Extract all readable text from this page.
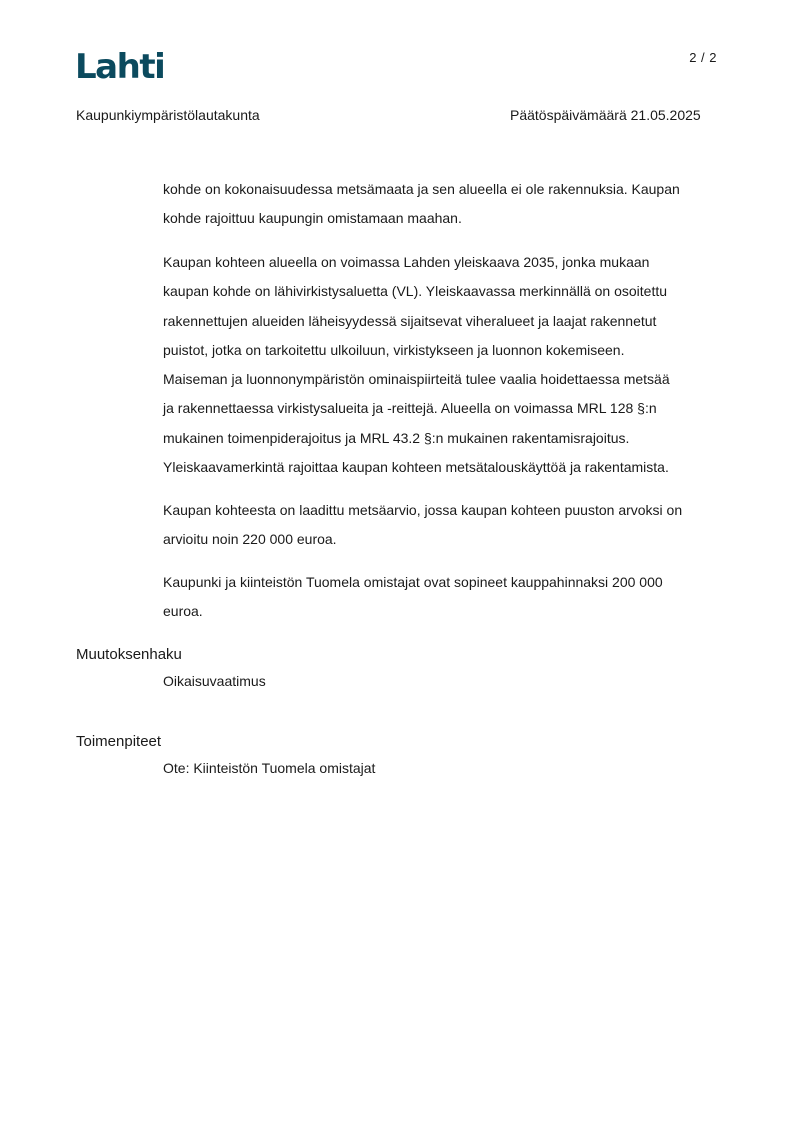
Lahti	2 / 2
Kaupunkiympäristölautakunta	Päätöspäivämäärä 21.05.2025
kohde on kokonaisuudessa metsämaata ja sen alueella ei ole rakennuksia. Kaupan
kohde rajoittuu kaupungin omistamaan maahan.
Kaupan kohteen alueella on voimassa Lahden yleiskaava 2035, jonka mukaan
kaupan kohde on lähivirkistysaluetta (VL). Yleiskaavassa merkinnällä on osoitettu
rakennettujen alueiden läheisyydessä sijaitsevat viheralueet ja laajat rakennetut
puistot, jotka on tarkoitettu ulkoiluun, virkistykseen ja luonnon kokemiseen.
Maiseman ja luonnonympäristön ominaispiirteitä tulee vaalia hoidettaessa metsää
ja rakennettaessa virkistysalueita ja -reittejä. Alueella on voimassa MRL 128 §:n
mukainen toimenpiderajoitus ja MRL 43.2 §:n mukainen rakentamisrajoitus.
Yleiskaavamerkintä rajoittaa kaupan kohteen metsätalouskäyttöä ja rakentamista.
Kaupan kohteesta on laadittu metsäarvio, jossa kaupan kohteen puuston arvoksi on
arvioitu noin 220 000 euroa.
Kaupunki ja kiinteistön Tuomela omistajat ovat sopineet kauppahinnaksi 200 000
euroa.
Muutoksenhaku
Oikaisuvaatimus
Toimenpiteet
Ote: Kiinteistön Tuomela omistajat
